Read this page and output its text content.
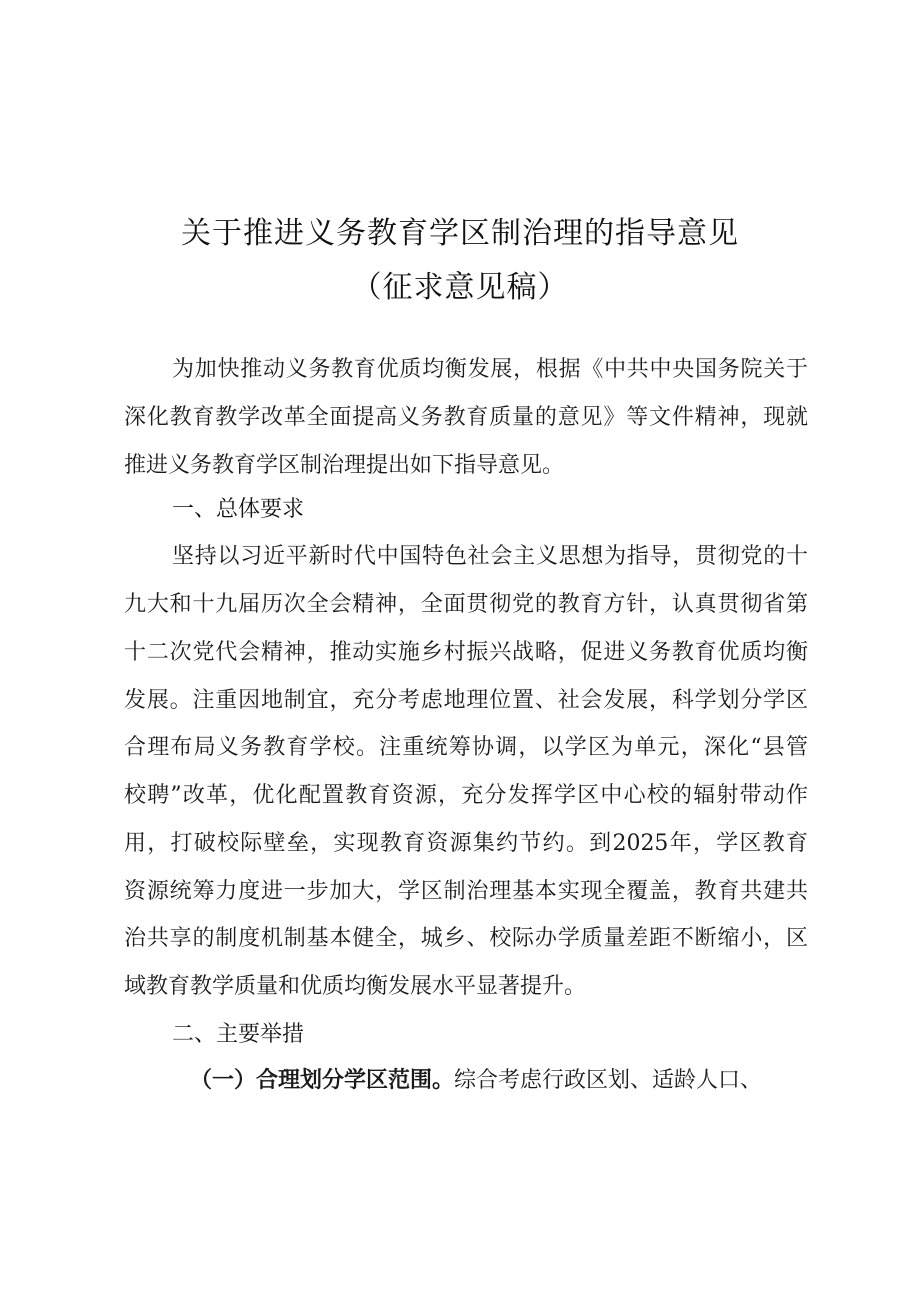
关于推进义务教育学区制治理的指导意见
（征求意见稿）
为加快推动义务教育优质均衡发展，根据《中共中央国务院关于
深化教育教学改革全面提高义务教育质量的意见》等文件精神，现就
推进义务教育学区制治理提出如下指导意见。
一、总体要求
坚持以习近平新时代中国特色社会主义思想为指导，贯彻党的十
九大和十九届历次全会精神，全面贯彻党的教育方针，认真贯彻省第
十二次党代会精神，推动实施乡村振兴战略，促进义务教育优质均衡
发展。注重因地制宜，充分考虑地理位置、社会发展，科学划分学区
合理布局义务教育学校。注重统筹协调，以学区为单元，深化“县管
校聘”改革，优化配置教育资源，充分发挥学区中心校的辐射带动作
用，打破校际壁垒，实现教育资源集约节约。到2025年，学区教育
资源统筹力度进一步加大，学区制治理基本实现全覆盖，教育共建共
治共享的制度机制基本健全，城乡、校际办学质量差距不断缩小，区
域教育教学质量和优质均衡发展水平显著提升。
二、主要举措
（一）合理划分学区范围。综合考虑行政区划、适龄人口、
